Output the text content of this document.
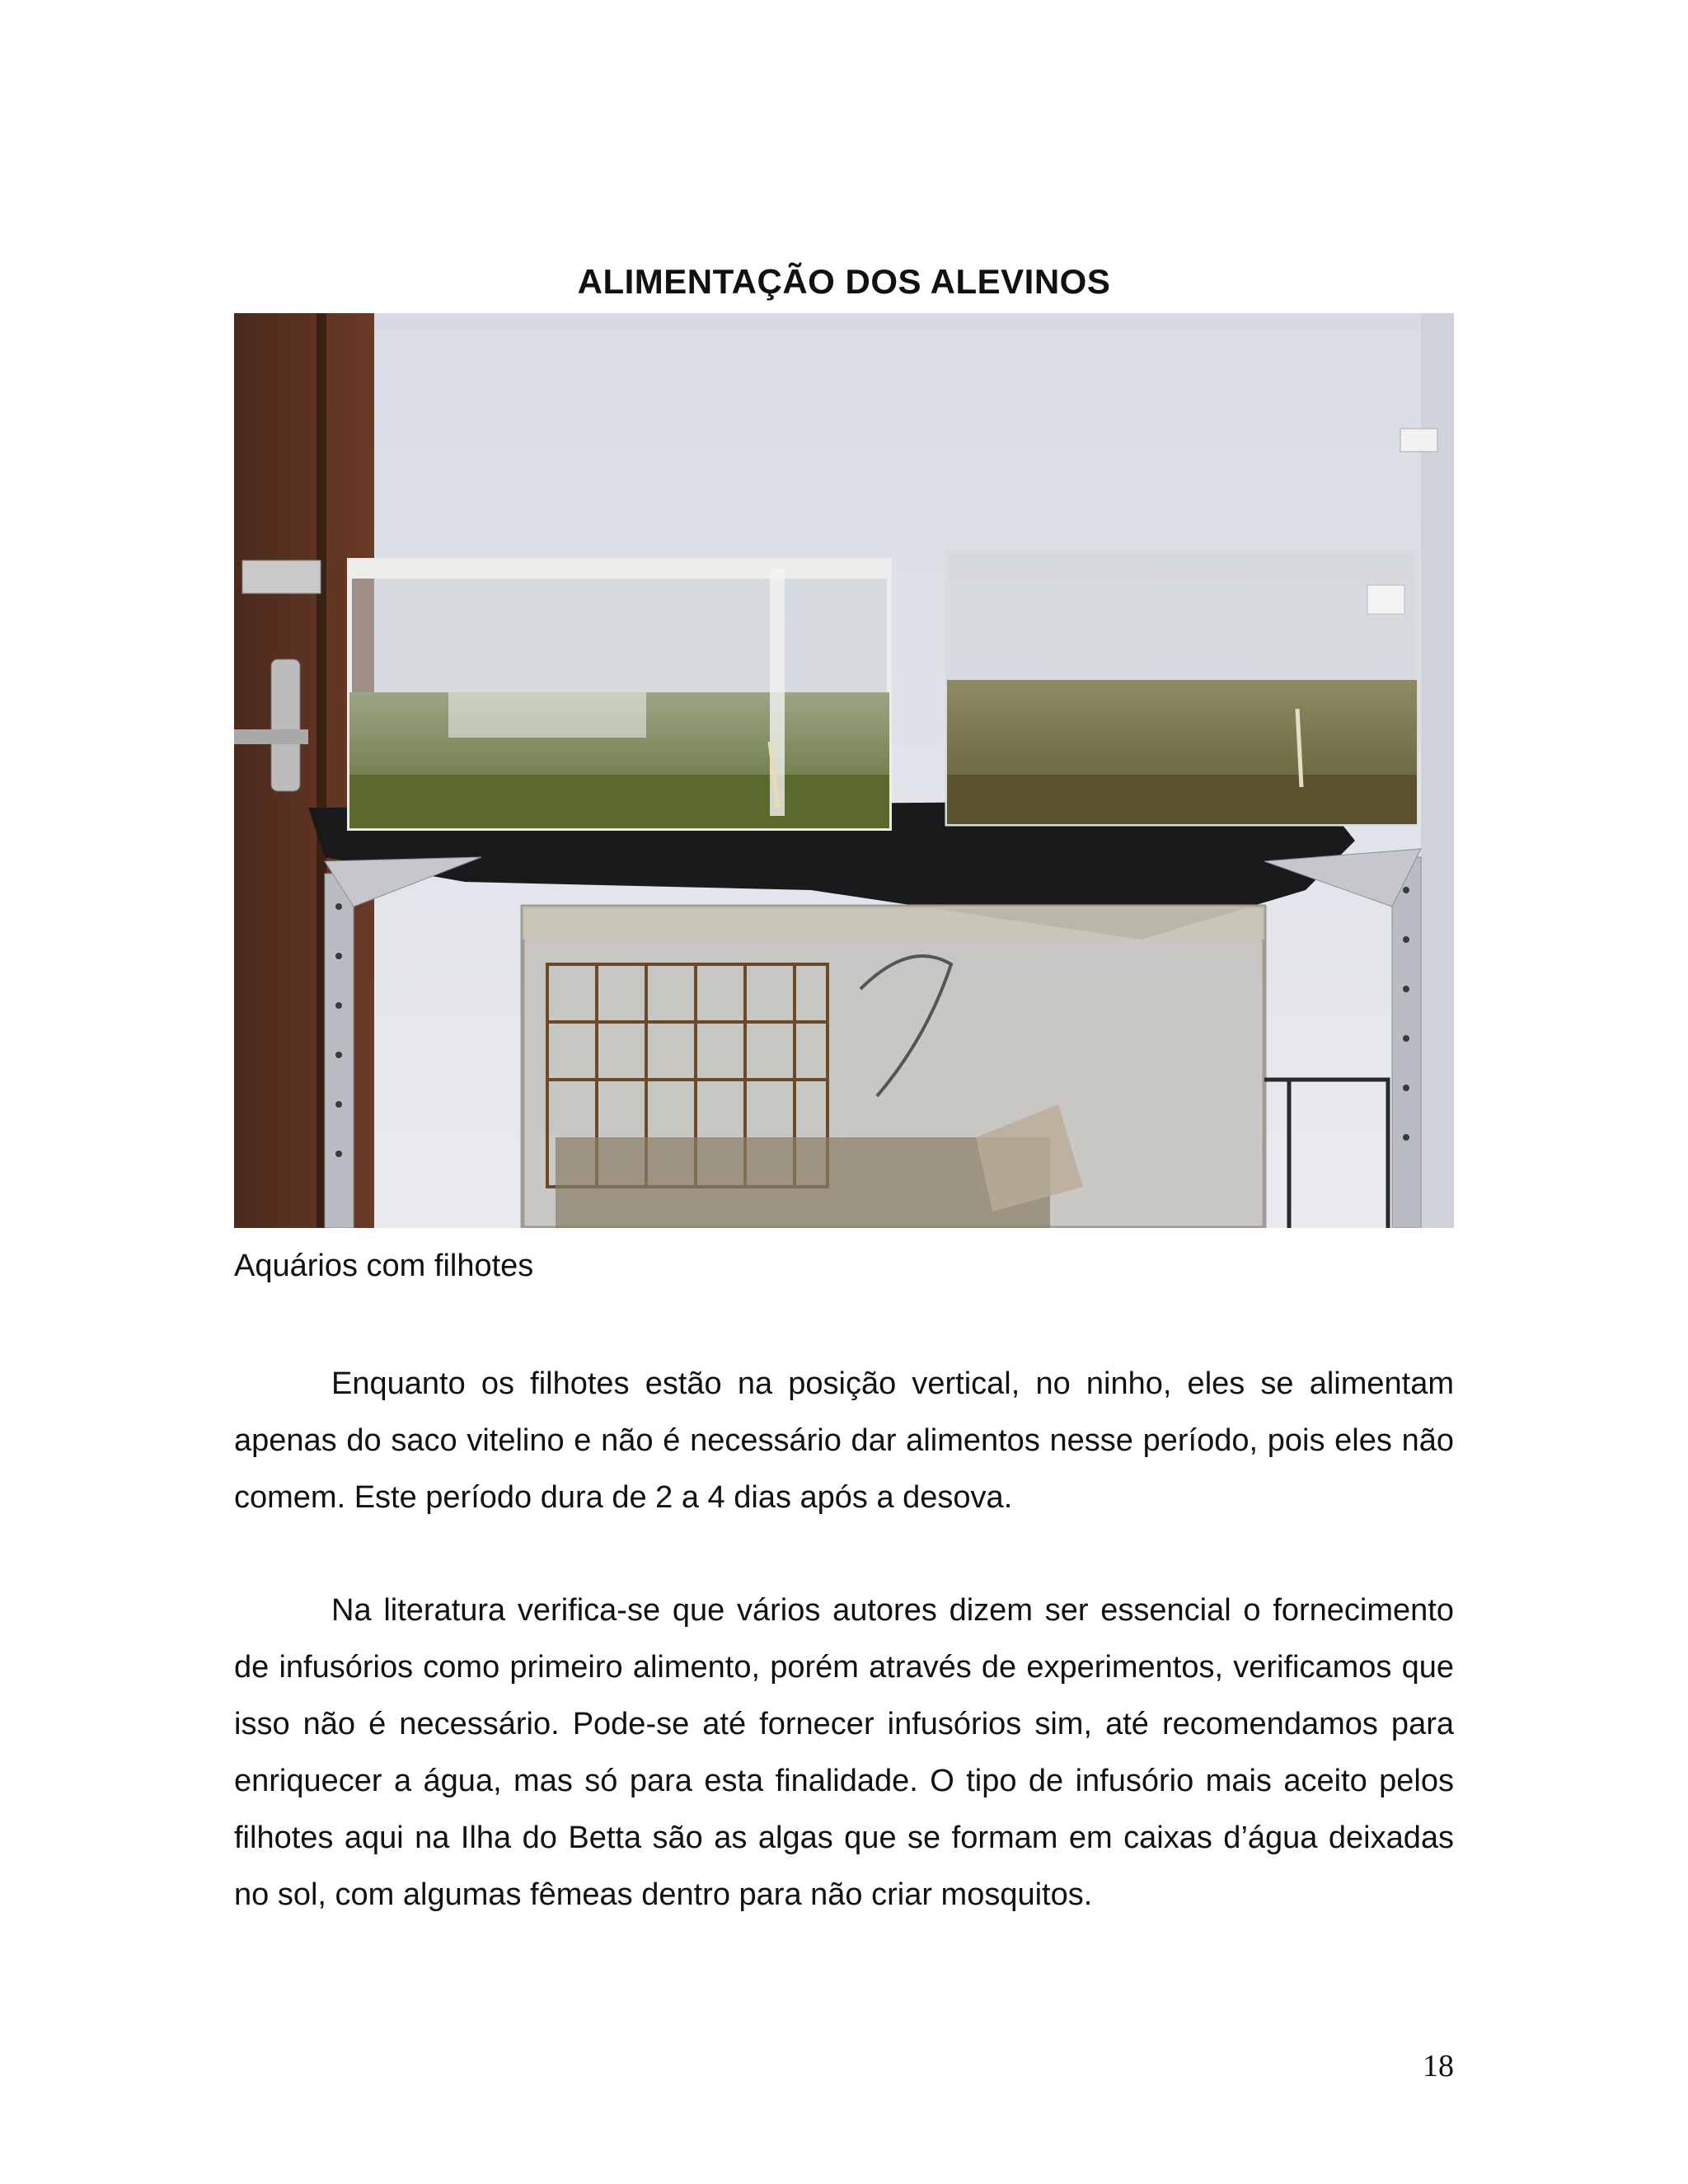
ALIMENTAÇÃO DOS ALEVINOS
Aquários com filhotes

Enquanto os filhotes estão na posição vertical, no ninho, eles se alimentam apenas do saco vitelino e não é necessário dar alimentos nesse período, pois eles não comem. Este período dura de 2 a 4 dias após a desova.

Na literatura verifica-se que vários autores dizem ser essencial o fornecimento de infusórios como primeiro alimento, porém através de experimentos, verificamos que isso não é necessário. Pode-se até fornecer infusórios sim, até recomendamos para enriquecer a água, mas só para esta finalidade. O tipo de infusório mais aceito pelos filhotes aqui na Ilha do Betta são as algas que se formam em caixas d’água deixadas no sol, com algumas fêmeas dentro para não criar mosquitos.

18
